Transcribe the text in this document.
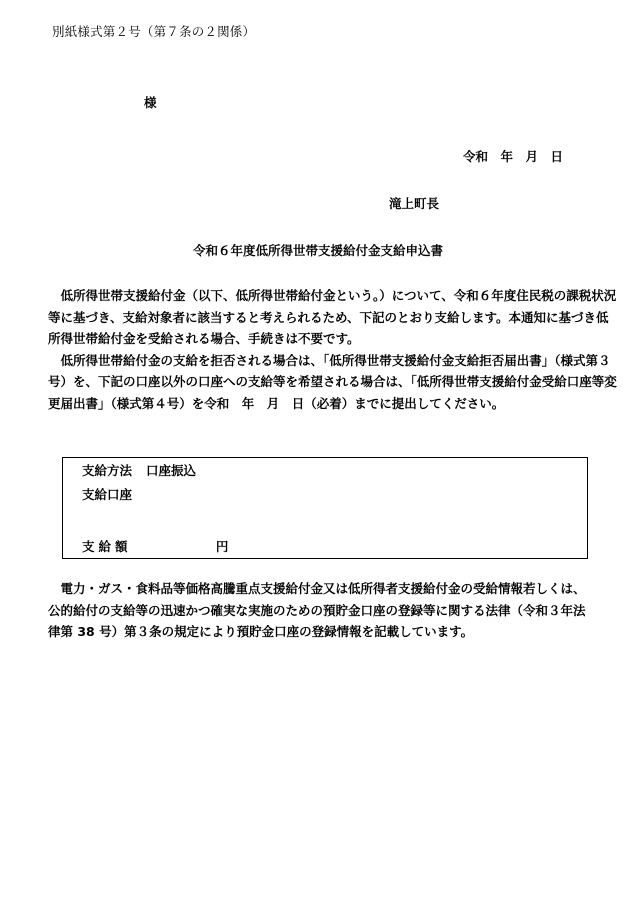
別紙様式第２号（第７条の２関係）
様
令和　年　月　日
滝上町長
令和６年度低所得世帯支援給付金支給申込書
　低所得世帯支援給付金（以下、低所得世帯給付金という。）について、令和６年度住民税の課税状況
等に基づき、支給対象者に該当すると考えられるため、下記のとおり支給します。本通知に基づき低
所得世帯給付金を受給される場合、手続きは不要です。
　低所得世帯給付金の支給を拒否される場合は、「低所得世帯支援給付金支給拒否届出書」（様式第３
号）を、下記の口座以外の口座への支給等を希望される場合は、「低所得世帯支援給付金受給口座等変
更届出書」（様式第４号）を令和　年　月　日（必着）までに提出してください。
支給方法 口座振込
支給口座
支給額	円
　電力・ガス・食料品等価格高騰重点支援給付金又は低所得者支援給付金の受給情報若しくは、
公的給付の支給等の迅速かつ確実な実施のための預貯金口座の登録等に関する法律（令和３年法
律第 38 号）第３条の規定により預貯金口座の登録情報を記載しています。
